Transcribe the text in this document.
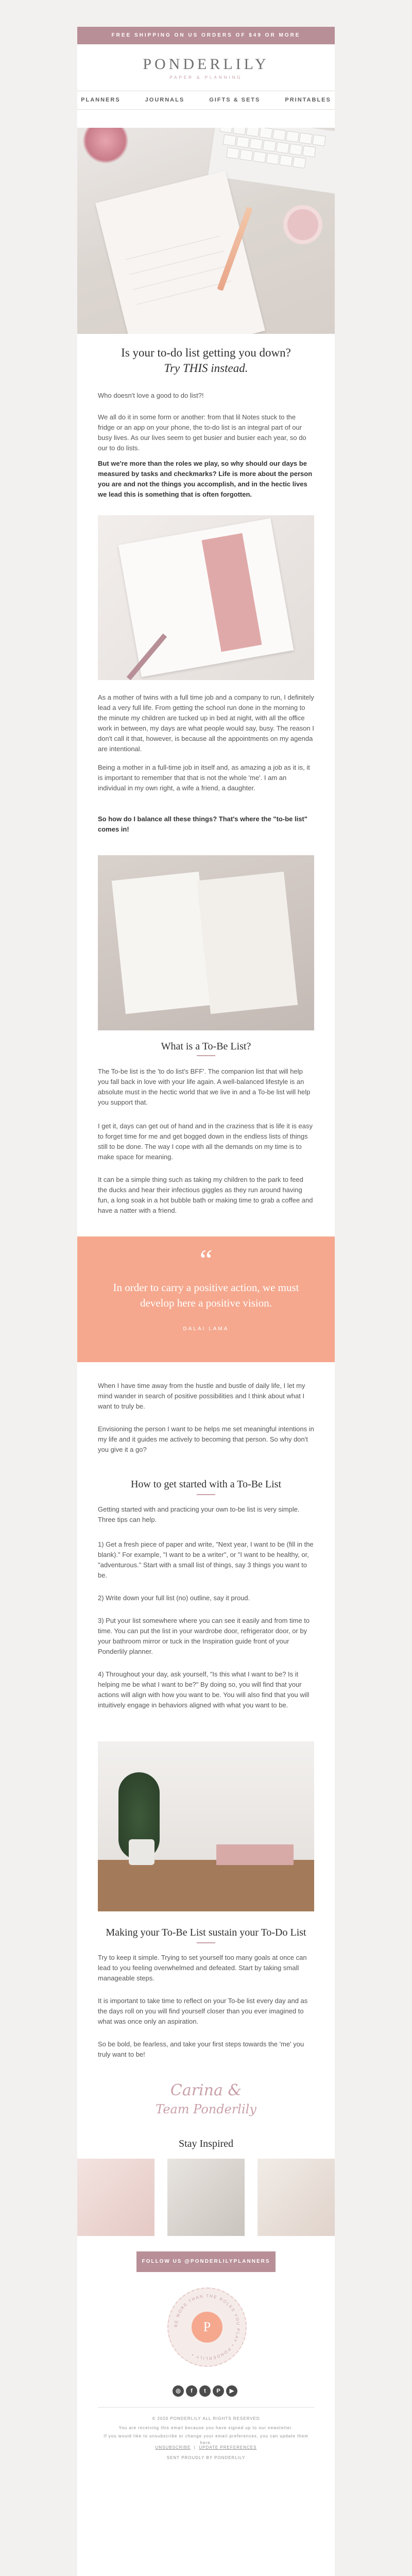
FREE SHIPPING ON US ORDERS OF $49 OR MORE
PONDERLILY
PAPER & PLANNING
PLANNERS	JOURNALS	GIFTS & SETS	PRINTABLES
Is your to-do list getting you down?
Try THIS instead.
Who doesn't love a good to do list?!
We all do it in some form or another: from that lil Notes stuck to the fridge or an app on your phone, the to-do list is an integral part of our busy lives. As our lives seem to get busier and busier each year, so do our to do lists.
But we're more than the roles we play, so why should our days be measured by tasks and checkmarks? Life is more about the person you are and not the things you accomplish, and in the hectic lives we lead this is something that is often forgotten.
As a mother of twins with a full time job and a company to run, I definitely lead a very full life. From getting the school run done in the morning to the minute my children are tucked up in bed at night, with all the office work in between, my days are what people would say, busy. The reason I don't call it that, however, is because all the appointments on my agenda are intentional.
Being a mother in a full-time job in itself and, as amazing a job as it is, it is important to remember that that is not the whole 'me'. I am an individual in my own right, a wife a friend, a daughter.
So how do I balance all these things? That's where the "to-be list" comes in!
What is a To-Be List?
The To-be list is the 'to do list's BFF'. The companion list that will help you fall back in love with your life again. A well-balanced lifestyle is an absolute must in the hectic world that we live in and a To-be list will help you support that.
I get it, days can get out of hand and in the craziness that is life it is easy to forget time for me and get bogged down in the endless lists of things still to be done. The way I cope with all the demands on my time is to make space for meaning.
It can be a simple thing such as taking my children to the park to feed the ducks and hear their infectious giggles as they run around having fun, a long soak in a hot bubble bath or making time to grab a coffee and have a natter with a friend.
“
In order to carry a positive action, we must develop here a positive vision.
DALAI LAMA
When I have time away from the hustle and bustle of daily life, I let my mind wander in search of positive possibilities and I think about what I want to truly be.
Envisioning the person I want to be helps me set meaningful intentions in my life and it guides me actively to becoming that person. So why don't you give it a go?
How to get started with a To-Be List
Getting started with and practicing your own to-be list is very simple. Three tips can help.
1) Get a fresh piece of paper and write, "Next year, I want to be (fill in the blank)." For example, "I want to be a writer", or "I want to be healthy, or, "adventurous." Start with a small list of things, say 3 things you want to be.
2) Write down your full list (no) outline, say it proud.
3) Put your list somewhere where you can see it easily and from time to time. You can put the list in your wardrobe door, refrigerator door, or by your bathroom mirror or tuck in the Inspiration guide front of your Ponderlily planner.
4) Throughout your day, ask yourself, "Is this what I want to be? Is it helping me be what I want to be?" By doing so, you will find that your actions will align with how you want to be. You will also find that you will intuitively engage in behaviors aligned with what you want to be.
Making your To-Be List sustain your To-Do List
Try to keep it simple. Trying to set yourself too many goals at once can lead to you feeling overwhelmed and defeated. Start by taking small manageable steps.
It is important to take time to reflect on your To-be list every day and as the days roll on you will find yourself closer than you ever imagined to what was once only an aspiration.
So be bold, be fearless, and take your first steps towards the 'me' you truly want to be!
Carina &
Team Ponderlily
Stay Inspired
FOLLOW US @PONDERLILYPLANNERS
BE MORE THAN THE ROLES YOU PLAY • PONDERLILY •
P
◎	f	t	P	▶
© 2020 PONDERLILY ALL RIGHTS RESERVED
You are receiving this email because you have signed up to our newsletter.
If you would like to unsubscribe or change your email preferences, you can update them here.
UNSUBSCRIBE  |  UPDATE PREFERENCES
SENT PROUDLY BY PONDERLILY
